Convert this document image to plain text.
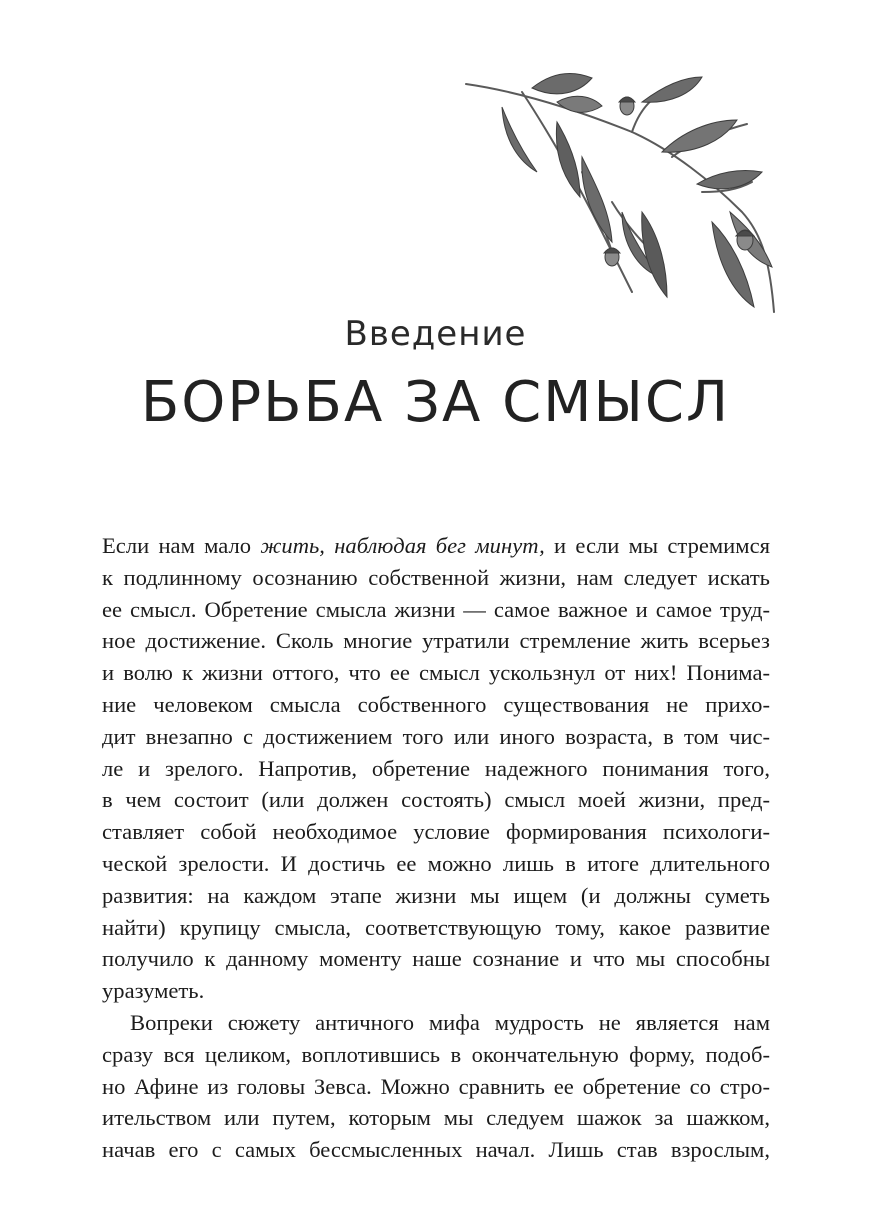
Введение
БОРЬБА ЗА СМЫСЛ
Если нам мало жить, наблюдая бег минут, и если мы стремимся
к подлинному осознанию собственной жизни, нам следует искать
ее смысл. Обретение смысла жизни — самое важное и самое труд-
ное достижение. Сколь многие утратили стремление жить всерьез
и волю к жизни оттого, что ее смысл ускользнул от них! Понима-
ние человеком смысла собственного существования не прихо-
дит внезапно с достижением того или иного возраста, в том чис-
ле и зрелого. Напротив, обретение надежного понимания того,
в чем состоит (или должен состоять) смысл моей жизни, пред-
ставляет собой необходимое условие формирования психологи-
ческой зрелости. И достичь ее можно лишь в итоге длительного
развития: на каждом этапе жизни мы ищем (и должны суметь
найти) крупицу смысла, соответствующую тому, какое развитие
получило к данному моменту наше сознание и что мы способны
уразуметь.
Вопреки сюжету античного мифа мудрость не является нам
сразу вся целиком, воплотившись в окончательную форму, подоб-
но Афине из головы Зевса. Можно сравнить ее обретение со стро-
ительством или путем, которым мы следуем шажок за шажком,
начав его с самых бессмысленных начал. Лишь став взрослым,
